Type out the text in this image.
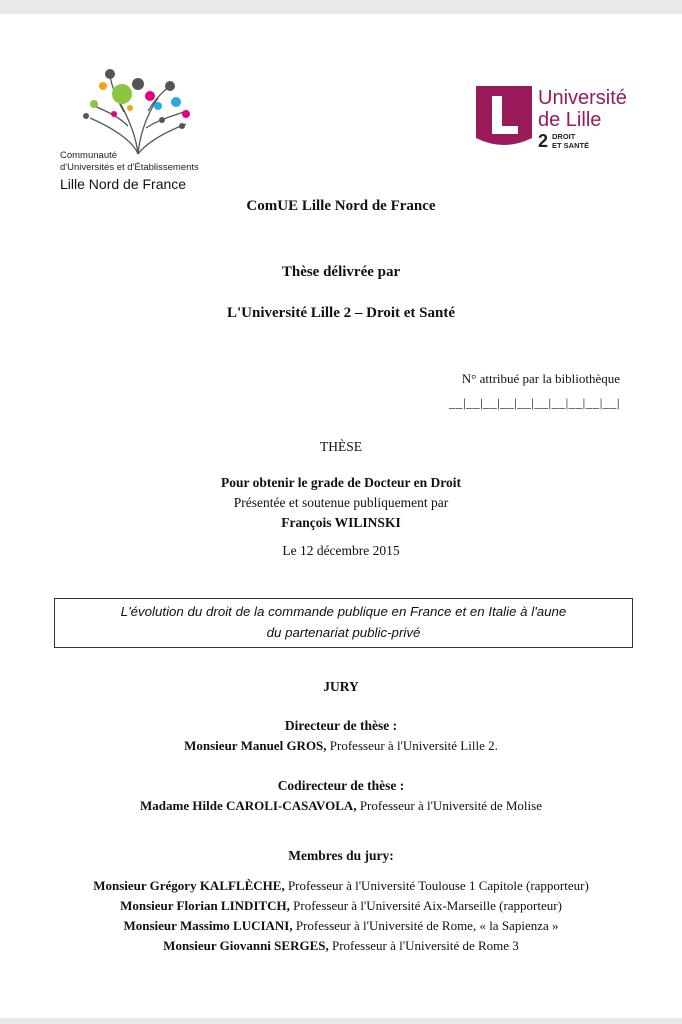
Communauté
d'Universités et d'Établissements
Lille Nord de France
Université
de Lille
2 DROIT
ET SANTÉ
ComUE Lille Nord de France
Thèse délivrée par
L'Université Lille 2 – Droit et Santé
N° attribué par la bibliothèque
__|__|__|__|__|__|__|__|__|__|
THÈSE
Pour obtenir le grade de Docteur en Droit
Présentée et soutenue publiquement par
François WILINSKI
Le 12 décembre 2015
L'évolution du droit de la commande publique en France et en Italie à l'aune
du partenariat public-privé
JURY
Directeur de thèse :
Monsieur Manuel GROS, Professeur à l'Université Lille 2.
Codirecteur de thèse :
Madame Hilde CAROLI-CASAVOLA, Professeur à l'Université de Molise
Membres du jury:
Monsieur Grégory KALFLÈCHE, Professeur à l'Université Toulouse 1 Capitole (rapporteur)
Monsieur Florian LINDITCH, Professeur à l'Université Aix-Marseille (rapporteur)
Monsieur Massimo LUCIANI, Professeur à l'Université de Rome, « la Sapienza »
Monsieur Giovanni SERGES, Professeur à l'Université de Rome 3
